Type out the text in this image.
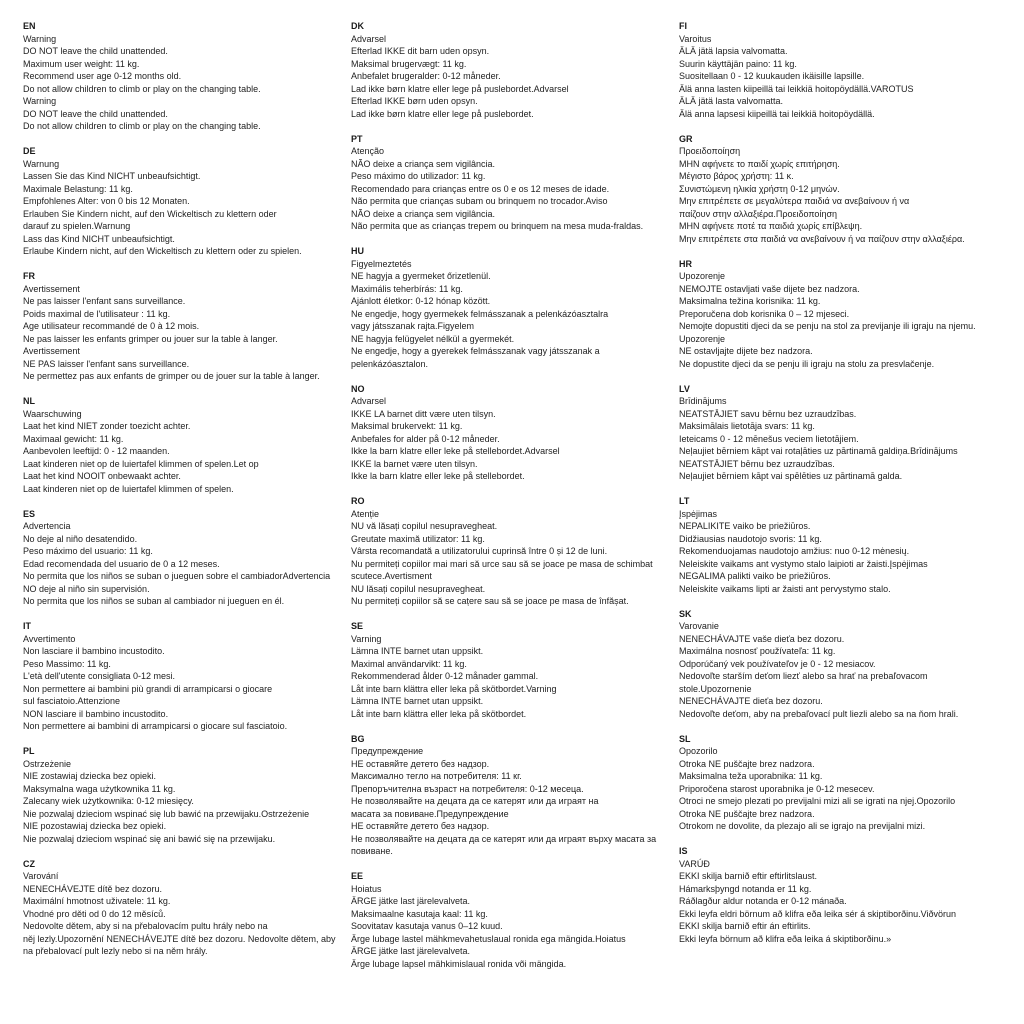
EN
Warning
DO NOT leave the child unattended.
Maximum user weight: 11 kg.
Recommend user age 0-12 months old.
Do not allow children to climb or play on the changing table.
Warning
DO NOT leave the child unattended.
Do not allow children to climb or play on the changing table.
DE
Warnung
Lassen Sie das Kind NICHT unbeaufsichtigt.
Maximale Belastung: 11 kg.
Empfohlenes Alter: von 0 bis 12 Monaten.
Erlauben Sie Kindern nicht, auf den Wickeltisch zu klettern oder
darauf zu spielen.Warnung
Lass das Kind NICHT unbeaufsichtigt.
Erlaube Kindern nicht, auf den Wickeltisch zu klettern oder zu spielen.
FR
Avertissement
Ne pas laisser l'enfant sans surveillance.
Poids maximal de l'utilisateur : 11 kg.
Age utilisateur recommandé de 0 à 12 mois.
Ne pas laisser les enfants grimper ou jouer sur la table à langer.
Avertissement
NE PAS laisser l'enfant sans surveillance.
Ne permettez pas aux enfants de grimper ou de jouer sur la table à langer.
NL
Waarschuwing
Laat het kind NIET zonder toezicht achter.
Maximaal gewicht: 11 kg.
Aanbevolen leeftijd: 0 - 12 maanden.
Laat kinderen niet op de luiertafel klimmen of spelen.Let op
Laat het kind NOOIT onbewaakt achter.
Laat kinderen niet op de luiertafel klimmen of spelen.
ES
Advertencia
No deje al niño desatendido.
Peso máximo del usuario: 11 kg.
Edad recomendada del usuario de 0 a 12 meses.
No permita que los niños se suban o jueguen sobre el cambiadorAdvertencia
NO deje al niño sin supervisión.
No permita que los niños se suban al cambiador ni jueguen en él.
IT
Avvertimento
Non lasciare il bambino incustodito.
Peso Massimo: 11 kg.
L'età dell'utente consigliata 0-12 mesi.
Non permettere ai bambini più grandi di arrampicarsi o giocare
sul fasciatoio.Attenzione
NON lasciare il bambino incustodito.
Non permettere ai bambini di arrampicarsi o giocare sul fasciatoio.
PL
Ostrzeżenie
NIE zostawiaj dziecka bez opieki.
Maksymalna waga użytkownika 11 kg.
Zalecany wiek użytkownika: 0-12 miesięcy.
Nie pozwalaj dzieciom wspinać się lub bawić na przewijaku.Ostrzeżenie
NIE pozostawiaj dziecka bez opieki.
Nie pozwalaj dzieciom wspinać się ani bawić się na przewijaku.
CZ
Varování
NENECHÁVEJTE dítě bez dozoru.
Maximální hmotnost uživatele: 11 kg.
Vhodné pro děti od 0 do 12 měsíců.
Nedovolte dětem, aby si na přebalovacím pultu hrály nebo na
něj lezly.Upozornění NENECHÁVEJTE dítě bez dozoru. Nedovolte dětem, aby
na přebalovací pult lezly nebo si na něm hrály.
DK
Advarsel
Efterlad IKKE dit barn uden opsyn.
Maksimal brugervægt: 11 kg.
Anbefalet brugeralder: 0-12 måneder.
Lad ikke børn klatre eller lege på puslebordet.Advarsel
Efterlad IKKE børn uden opsyn.
Lad ikke børn klatre eller lege på puslebordet.
PT
Atenção
NÃO deixe a criança sem vigilância.
Peso máximo do utilizador: 11 kg.
Recomendado para crianças entre os 0 e os 12 meses de idade.
Não permita que crianças subam ou brinquem no trocador.Aviso
NÃO deixe a criança sem vigilância.
Não permita que as crianças trepem ou brinquem na mesa muda-fraldas.
HU
Figyelmeztetés
NE hagyja a gyermeket őrizetlenül.
Maximális teherbírás: 11 kg.
Ajánlott életkor: 0-12 hónap között.
Ne engedje, hogy gyermekek felmásszanak a pelenkázóasztalra
vagy játsszanak rajta.Figyelem
NE hagyja felügyelet nélkül a gyermekét.
Ne engedje, hogy a gyerekek felmásszanak vagy játsszanak a
pelenkázóasztalon.
NO
Advarsel
IKKE LA barnet ditt være uten tilsyn.
Maksimal brukervekt: 11 kg.
Anbefales for alder på 0-12 måneder.
Ikke la barn klatre eller leke på stellebordet.Advarsel
IKKE la barnet være uten tilsyn.
Ikke la barn klatre eller leke på stellebordet.
RO
Atenție
NU vă lăsați copilul nesupravegheat.
Greutate maximă utilizator: 11 kg.
Vârsta recomandată a utilizatorului cuprinsă între 0 și 12 de luni.
Nu permiteți copiilor mai mari să urce sau să se joace pe masa de schimbat
scutece.Avertisment
NU lăsați copilul nesupravegheat.
Nu permiteți copiilor să se cațere sau să se joace pe masa de înfășat.
SE
Varning
Lämna INTE barnet utan uppsikt.
Maximal användarvikt: 11 kg.
Rekommenderad ålder 0-12 månader gammal.
Låt inte barn klättra eller leka på skötbordet.Varning
Lämna INTE barnet utan uppsikt.
Låt inte barn klättra eller leka på skötbordet.
BG
Предупреждение
НЕ оставяйте детето без надзор.
Максимално тегло на потребителя: 11 кг.
Препоръчителна възраст на потребителя: 0-12 месеца.
Не позволявайте на децата да се катерят или да играят на
масата за повиване.Предупреждение
НЕ оставяйте детето без надзор.
Не позволявайте на децата да се катерят или да играят върху масата за
повиване.
EE
Hoiatus
ÄRGE jätke last järelevalveta.
Maksimaalne kasutaja kaal: 11 kg.
Soovitatav kasutaja vanus 0–12 kuud.
Ärge lubage lastel mähkmevahetuslaual ronida ega mängida.Hoiatus
ÄRGE jätke last järelevalveta.
Ärge lubage lapsel mähkimislaual ronida või mängida.
FI
Varoitus
ÄLÄ jätä lapsia valvomatta.
Suurin käyttäjän paino: 11 kg.
Suositellaan 0 - 12 kuukauden ikäisille lapsille.
Älä anna lasten kiipeillä tai leikkiä hoitopöydällä.VAROTUS
ÄLÄ jätä lasta valvomatta.
Älä anna lapsesi kiipeillä tai leikkiä hoitopöydällä.
GR
Προειδοποίηση
ΜΗΝ αφήνετε το παιδί χωρίς επιτήρηση.
Μέγιστο βάρος χρήστη: 11 κ.
Συνιστώμενη ηλικία χρήστη 0-12 μηνών.
Μην επιτρέπετε σε μεγαλύτερα παιδιά να ανεβαίνουν ή να
παίζουν στην αλλαξιέρα.Προειδοποίηση
ΜΗΝ αφήνετε ποτέ τα παιδιά χωρίς επίβλεψη.
Μην επιτρέπετε στα παιδιά να ανεβαίνουν ή να παίζουν στην αλλαξιέρα.
HR
Upozorenje
NEMOJTE ostavljati vaše dijete bez nadzora.
Maksimalna težina korisnika: 11 kg.
Preporučena dob korisnika 0 – 12 mjeseci.
Nemojte dopustiti djeci da se penju na stol za previjanje ili igraju na njemu.
Upozorenje
NE ostavljajte dijete bez nadzora.
Ne dopustite djeci da se penju ili igraju na stolu za presvlačenje.
LV
Brīdinājums
NEATSTĀJIET savu bērnu bez uzraudzības.
Maksimālais lietotāja svars: 11 kg.
Ieteicams 0 - 12 mēnešus veciem lietotājiem.
Neļaujiet bērniem kāpt vai rotaļāties uz pārtinamā galdiņa.Brīdinājums
NEATSTĀJIET bērnu bez uzraudzības.
Neļaujiet bērniem kāpt vai spēlēties uz pārtinamā galda.
LT
Įspėjimas
NEPALIKITE vaiko be priežiūros.
Didžiausias naudotojo svoris: 11 kg.
Rekomenduojamas naudotojo amžius: nuo 0-12 mėnesių.
Neleiskite vaikams ant vystymo stalo laipioti ar žaisti.Įspėjimas
NEGALIMA palikti vaiko be priežiūros.
Neleiskite vaikams lipti ar žaisti ant pervystymo stalo.
SK
Varovanie
NENECHÁVAJTE vaše dieťa bez dozoru.
Maximálna nosnosť používateľa: 11 kg.
Odporúčaný vek používateľov je 0 - 12 mesiacov.
Nedovoľte starším deťom liezť alebo sa hrať na prebaľovacom
stole.Upozornenie
NENECHÁVAJTE dieťa bez dozoru.
Nedovoľte deťom, aby na prebaľovací pult liezli alebo sa na ňom hrali.
SL
Opozorilo
Otroka NE puščajte brez nadzora.
Maksimalna teža uporabnika: 11 kg.
Priporočena starost uporabnika je 0-12 mesecev.
Otroci ne smejo plezati po previjalni mizi ali se igrati na njej.Opozorilo
Otroka NE puščajte brez nadzora.
Otrokom ne dovolite, da plezajo ali se igrajo na previjalni mizi.
IS
VARÚÐ
EKKI skilja barnið eftir eftirlitslaust.
Hámarksþyngd notanda er 11 kg.
Ráðlagður aldur notanda er 0-12 mánaða.
Ekki leyfa eldri börnum að klifra eða leika sér á skiptiborðinu.Viðvörun
EKKI skilja barnið eftir án eftirlits.
Ekki leyfa börnum að klifra eða leika á skiptiborðinu.»
